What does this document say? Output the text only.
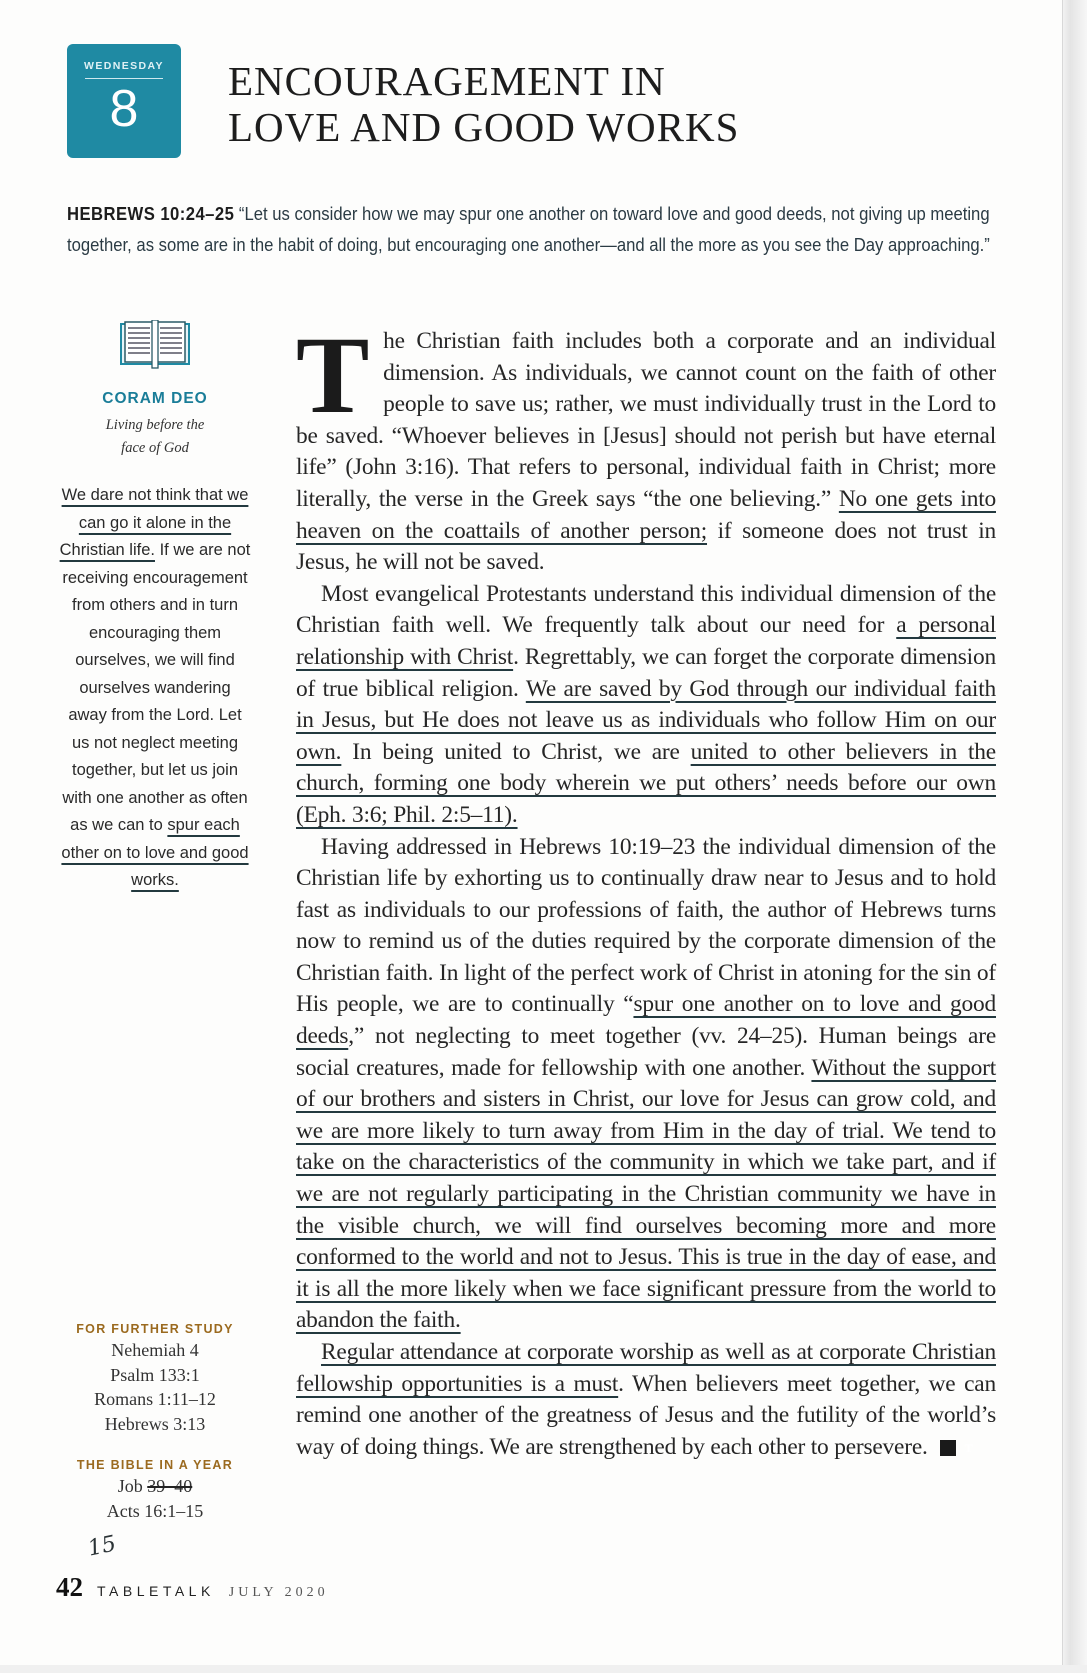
WEDNESDAY
8	ENCOURAGEMENT IN
LOVE AND GOOD WORKS
HEBREWS 10:24–25 “Let us consider how we may spur one another on toward love and good deeds, not giving up meeting together, as some are in the habit of doing, but encouraging one another—and all the more as you see the Day approaching.”
CORAM DEO
Living before the
face of God
We dare not think that we can go it alone in the Christian life. If we are not receiving encouragement from others and in turn encouraging them ourselves, we will find ourselves wandering away from the Lord. Let us not neglect meeting together, but let us join with one another as often as we can to spur each other on to love and good works.
FOR FURTHER STUDY
Nehemiah 4
Psalm 133:1
Romans 1:11–12
Hebrews 3:13
THE BIBLE IN A YEAR
Job 39–40
Acts 16:1–15
15
42 TABLETALK JULY 2020

The Christian faith includes both a corporate and an individual dimension. As individuals, we cannot count on the faith of other people to save us; rather, we must individually trust in the Lord to be saved. “Whoever believes in [Jesus] should not perish but have eternal life” (John 3:16). That refers to personal, individual faith in Christ; more literally, the verse in the Greek says “the one believing.” No one gets into heaven on the coattails of another person; if someone does not trust in Jesus, he will not be saved.

Most evangelical Protestants understand this individual dimension of the Christian faith well. We frequently talk about our need for a personal relationship with Christ. Regrettably, we can forget the corporate dimension of true biblical religion. We are saved by God through our individual faith in Jesus, but He does not leave us as individuals who follow Him on our own. In being united to Christ, we are united to other believers in the church, forming one body wherein we put others’ needs before our own (Eph. 3:6; Phil. 2:5–11).

Having addressed in Hebrews 10:19–23 the individual dimension of the Christian life by exhorting us to continually draw near to Jesus and to hold fast as individuals to our professions of faith, the author of Hebrews turns now to remind us of the duties required by the corporate dimension of the Christian faith. In light of the perfect work of Christ in atoning for the sin of His people, we are to continually “spur one another on to love and good deeds,” not neglecting to meet together (vv. 24–25). Human beings are social creatures, made for fellowship with one another. Without the support of our brothers and sisters in Christ, our love for Jesus can grow cold, and we are more likely to turn away from Him in the day of trial. We tend to take on the characteristics of the community in which we take part, and if we are not regularly participating in the Christian community we have in the visible church, we will find ourselves becoming more and more conformed to the world and not to Jesus. This is true in the day of ease, and it is all the more likely when we face significant pressure from the world to abandon the faith.

Regular attendance at corporate worship as well as at corporate Christian fellowship opportunities is a must. When believers meet together, we can remind one another of the greatness of Jesus and the futility of the world’s way of doing things. We are strengthened by each other to persevere.	T
